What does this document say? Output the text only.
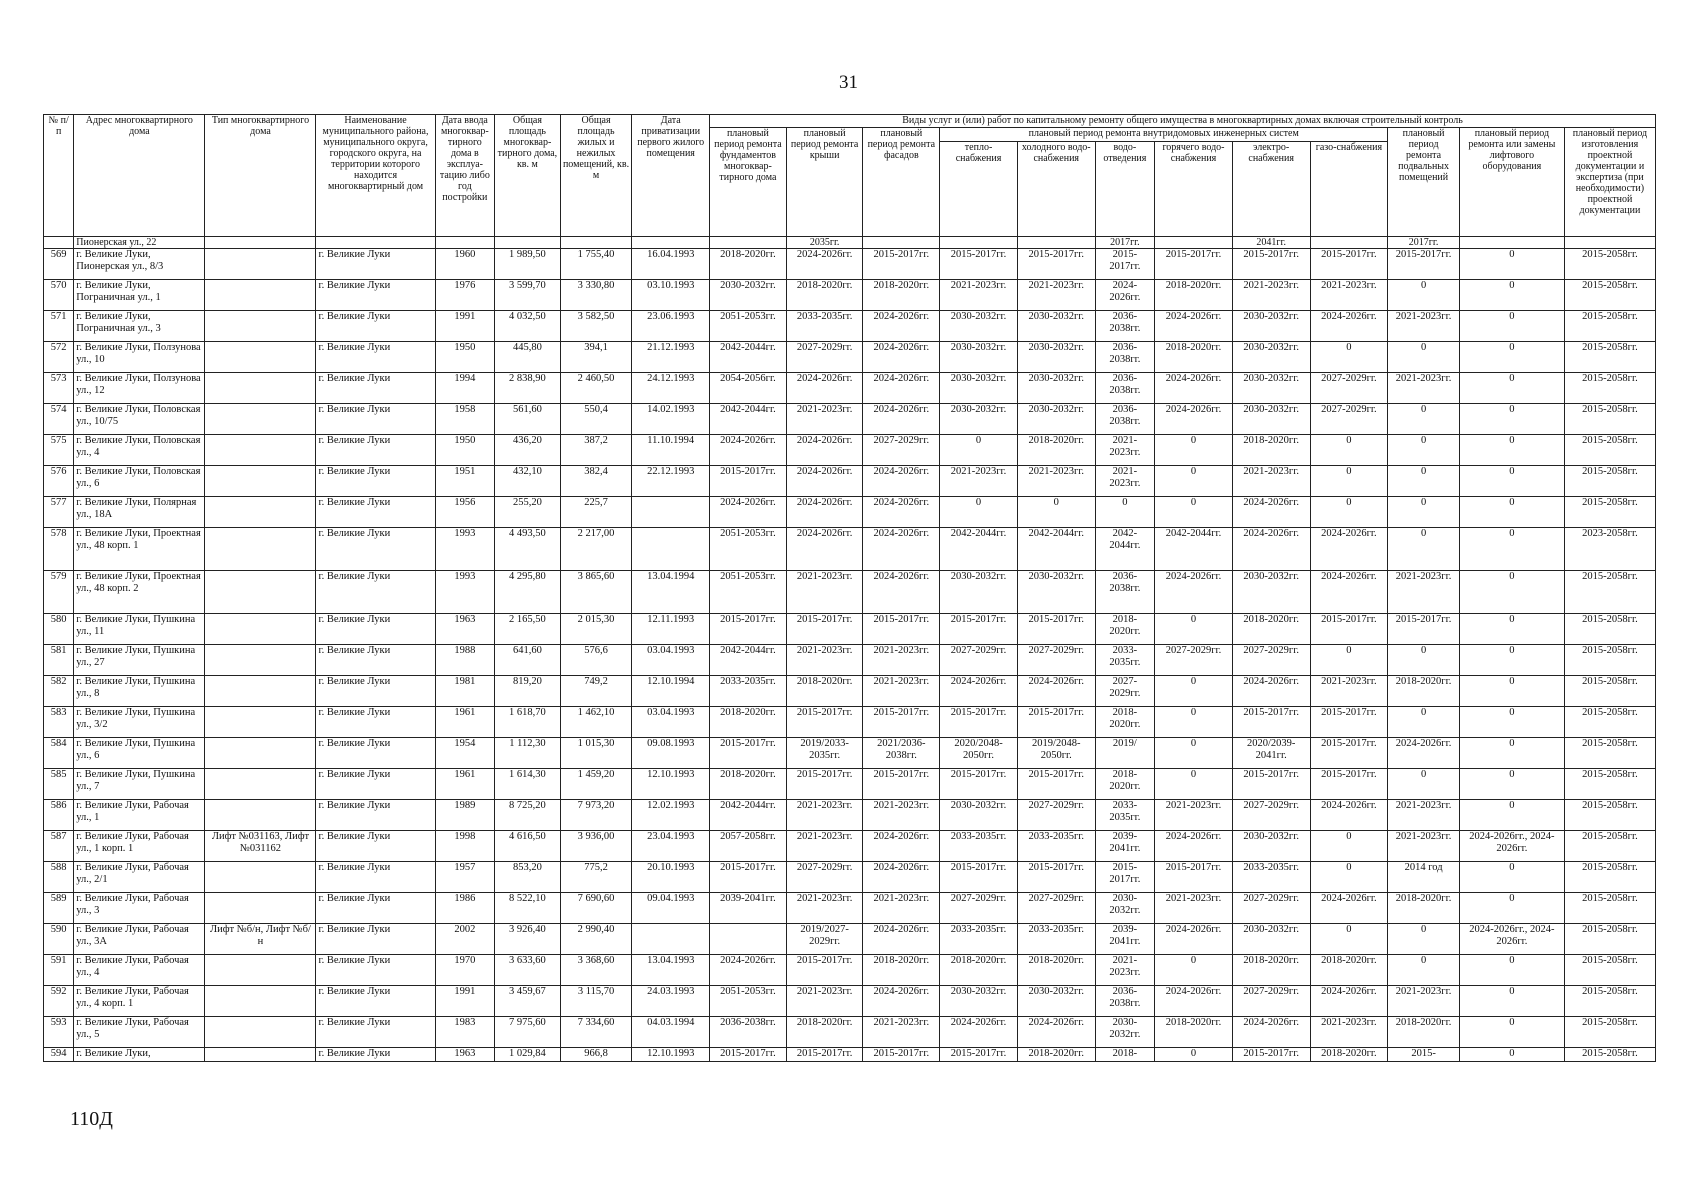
31
№ п/п	Адрес многоквартирного дома	Тип многоквартирного дома	Наименование муниципального района, муниципального округа, городского округа, на территории которого находится многоквартирный дом	Дата ввода многоквар-тирного дома в эксплуа-тацию либо год постройки	Общая площадь многоквар-тирного дома, кв. м	Общая площадь жилых и нежилых помещений, кв. м	Дата приватизации первого жилого помещения	Виды услуг и (или) работ по капитальному ремонту общего имущества в многоквартирных домах включая строительный контроль											
								плановый период ремонта фундаментов многоквар-тирного дома	плановый период ремонта крыши	плановый период ремонта фасадов	плановый период ремонта внутридомовых инженерных систем						плановый период ремонта подвальных помещений	плановый период ремонта или замены лифтового оборудования	плановый период изготовления проектной документации и экспертиза (при необходимости) проектной документации
											тепло-снабжения	холодного водо-снабжения	водо-отведения	горячего водо-снабжения	электро-снабжения	газо-снабжения			
	Пионерская ул., 22								2035гг.				2017гг.		2041гг.		2017гг.		
569	г. Великие Луки, Пионерская ул., 8/3		г. Великие Луки	1960	1 989,50	1 755,40	16.04.1993	2018-2020гг.	2024-2026гг.	2015-2017гг.	2015-2017гг.	2015-2017гг.	2015-2017гг.	2015-2017гг.	2015-2017гг.	2015-2017гг.	2015-2017гг.	0	2015-2058гг.
570	г. Великие Луки, Пограничная ул., 1		г. Великие Луки	1976	3 599,70	3 330,80	03.10.1993	2030-2032гг.	2018-2020гг.	2018-2020гг.	2021-2023гг.	2021-2023гг.	2024-2026гг.	2018-2020гг.	2021-2023гг.	2021-2023гг.	0	0	2015-2058гг.
571	г. Великие Луки, Пограничная ул., 3		г. Великие Луки	1991	4 032,50	3 582,50	23.06.1993	2051-2053гг.	2033-2035гг.	2024-2026гг.	2030-2032гг.	2030-2032гг.	2036-2038гг.	2024-2026гг.	2030-2032гг.	2024-2026гг.	2021-2023гг.	0	2015-2058гг.
572	г. Великие Луки, Ползунова ул., 10		г. Великие Луки	1950	445,80	394,1	21.12.1993	2042-2044гг.	2027-2029гг.	2024-2026гг.	2030-2032гг.	2030-2032гг.	2036-2038гг.	2018-2020гг.	2030-2032гг.	0	0	0	2015-2058гг.
573	г. Великие Луки, Ползунова ул., 12		г. Великие Луки	1994	2 838,90	2 460,50	24.12.1993	2054-2056гг.	2024-2026гг.	2024-2026гг.	2030-2032гг.	2030-2032гг.	2036-2038гг.	2024-2026гг.	2030-2032гг.	2027-2029гг.	2021-2023гг.	0	2015-2058гг.
574	г. Великие Луки, Половская ул., 10/75		г. Великие Луки	1958	561,60	550,4	14.02.1993	2042-2044гг.	2021-2023гг.	2024-2026гг.	2030-2032гг.	2030-2032гг.	2036-2038гг.	2024-2026гг.	2030-2032гг.	2027-2029гг.	0	0	2015-2058гг.
575	г. Великие Луки, Половская ул., 4		г. Великие Луки	1950	436,20	387,2	11.10.1994	2024-2026гг.	2024-2026гг.	2027-2029гг.	0	2018-2020гг.	2021-2023гг.	0	2018-2020гг.	0	0	0	2015-2058гг.
576	г. Великие Луки, Половская ул., 6		г. Великие Луки	1951	432,10	382,4	22.12.1993	2015-2017гг.	2024-2026гг.	2024-2026гг.	2021-2023гг.	2021-2023гг.	2021-2023гг.	0	2021-2023гг.	0	0	0	2015-2058гг.
577	г. Великие Луки, Полярная ул., 18А		г. Великие Луки	1956	255,20	225,7		2024-2026гг.	2024-2026гг.	2024-2026гг.	0	0	0	0	2024-2026гг.	0	0	0	2015-2058гг.
578	г. Великие Луки, Проектная ул., 48 корп. 1		г. Великие Луки	1993	4 493,50	2 217,00		2051-2053гг.	2024-2026гг.	2024-2026гг.	2042-2044гг.	2042-2044гг.	2042-2044гг.	2042-2044гг.	2024-2026гг.	2024-2026гг.	0	0	2023-2058гг.
579	г. Великие Луки, Проектная ул., 48 корп. 2		г. Великие Луки	1993	4 295,80	3 865,60	13.04.1994	2051-2053гг.	2021-2023гг.	2024-2026гг.	2030-2032гг.	2030-2032гг.	2036-2038гг.	2024-2026гг.	2030-2032гг.	2024-2026гг.	2021-2023гг.	0	2015-2058гг.
580	г. Великие Луки, Пушкина ул., 11		г. Великие Луки	1963	2 165,50	2 015,30	12.11.1993	2015-2017гг.	2015-2017гг.	2015-2017гг.	2015-2017гг.	2015-2017гг.	2018-2020гг.	0	2018-2020гг.	2015-2017гг.	2015-2017гг.	0	2015-2058гг.
581	г. Великие Луки, Пушкина ул., 27		г. Великие Луки	1988	641,60	576,6	03.04.1993	2042-2044гг.	2021-2023гг.	2021-2023гг.	2027-2029гг.	2027-2029гг.	2033-2035гг.	2027-2029гг.	2027-2029гг.	0	0	0	2015-2058гг.
582	г. Великие Луки, Пушкина ул., 8		г. Великие Луки	1981	819,20	749,2	12.10.1994	2033-2035гг.	2018-2020гг.	2021-2023гг.	2024-2026гг.	2024-2026гг.	2027-2029гг.	0	2024-2026гг.	2021-2023гг.	2018-2020гг.	0	2015-2058гг.
583	г. Великие Луки, Пушкина ул., 3/2		г. Великие Луки	1961	1 618,70	1 462,10	03.04.1993	2018-2020гг.	2015-2017гг.	2015-2017гг.	2015-2017гг.	2015-2017гг.	2018-2020гг.	0	2015-2017гг.	2015-2017гг.	0	0	2015-2058гг.
584	г. Великие Луки, Пушкина ул., 6		г. Великие Луки	1954	1 112,30	1 015,30	09.08.1993	2015-2017гг.	2019/2033-2035гг.	2021/2036-2038гг.	2020/2048-2050гг.	2019/2048-2050гг.	2019/	0	2020/2039-2041гг.	2015-2017гг.	2024-2026гг.	0	2015-2058гг.
585	г. Великие Луки, Пушкина ул., 7		г. Великие Луки	1961	1 614,30	1 459,20	12.10.1993	2018-2020гг.	2015-2017гг.	2015-2017гг.	2015-2017гг.	2015-2017гг.	2018-2020гг.	0	2015-2017гг.	2015-2017гг.	0	0	2015-2058гг.
586	г. Великие Луки, Рабочая ул., 1		г. Великие Луки	1989	8 725,20	7 973,20	12.02.1993	2042-2044гг.	2021-2023гг.	2021-2023гг.	2030-2032гг.	2027-2029гг.	2033-2035гг.	2021-2023гг.	2027-2029гг.	2024-2026гг.	2021-2023гг.	0	2015-2058гг.
587	г. Великие Луки, Рабочая ул., 1 корп. 1	Лифт №031163, Лифт №031162	г. Великие Луки	1998	4 616,50	3 936,00	23.04.1993	2057-2058гг.	2021-2023гг.	2024-2026гг.	2033-2035гг.	2033-2035гг.	2039-2041гг.	2024-2026гг.	2030-2032гг.	0	2021-2023гг.	2024-2026гг., 2024-2026гг.	2015-2058гг.
588	г. Великие Луки, Рабочая ул., 2/1		г. Великие Луки	1957	853,20	775,2	20.10.1993	2015-2017гг.	2027-2029гг.	2024-2026гг.	2015-2017гг.	2015-2017гг.	2015-2017гг.	2015-2017гг.	2033-2035гг.	0	2014 год	0	2015-2058гг.
589	г. Великие Луки, Рабочая ул., 3		г. Великие Луки	1986	8 522,10	7 690,60	09.04.1993	2039-2041гг.	2021-2023гг.	2021-2023гг.	2027-2029гг.	2027-2029гг.	2030-2032гг.	2021-2023гг.	2027-2029гг.	2024-2026гг.	2018-2020гг.	0	2015-2058гг.
590	г. Великие Луки, Рабочая ул., 3А	Лифт №б/н, Лифт №б/н	г. Великие Луки	2002	3 926,40	2 990,40			2019/2027-2029гг.	2024-2026гг.	2033-2035гг.	2033-2035гг.	2039-2041гг.	2024-2026гг.	2030-2032гг.	0	0	2024-2026гг., 2024-2026гг.	2015-2058гг.
591	г. Великие Луки, Рабочая ул., 4		г. Великие Луки	1970	3 633,60	3 368,60	13.04.1993	2024-2026гг.	2015-2017гг.	2018-2020гг.	2018-2020гг.	2018-2020гг.	2021-2023гг.	0	2018-2020гг.	2018-2020гг.	0	0	2015-2058гг.
592	г. Великие Луки, Рабочая ул., 4 корп. 1		г. Великие Луки	1991	3 459,67	3 115,70	24.03.1993	2051-2053гг.	2021-2023гг.	2024-2026гг.	2030-2032гг.	2030-2032гг.	2036-2038гг.	2024-2026гг.	2027-2029гг.	2024-2026гг.	2021-2023гг.	0	2015-2058гг.
593	г. Великие Луки, Рабочая ул., 5		г. Великие Луки	1983	7 975,60	7 334,60	04.03.1994	2036-2038гг.	2018-2020гг.	2021-2023гг.	2024-2026гг.	2024-2026гг.	2030-2032гг.	2018-2020гг.	2024-2026гг.	2021-2023гг.	2018-2020гг.	0	2015-2058гг.
594	г. Великие Луки,		г. Великие Луки	1963	1 029,84	966,8	12.10.1993	2015-2017гг.	2015-2017гг.	2015-2017гг.	2015-2017гг.	2018-2020гг.	2018-	0	2015-2017гг.	2018-2020гг.	2015-	0	2015-2058гг.
110Д
